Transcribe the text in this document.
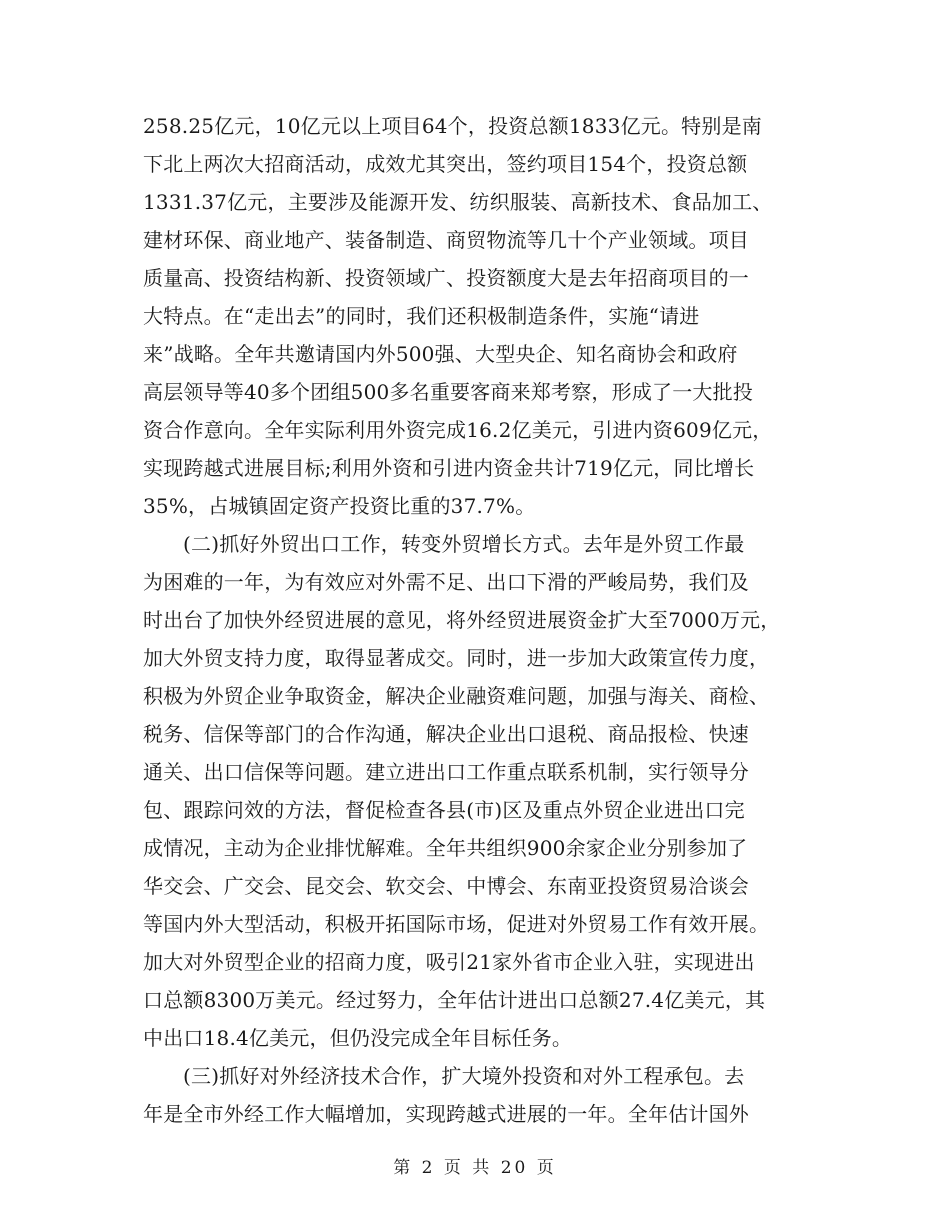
258.25亿元，10亿元以上项目64个，投资总额1833亿元。特别是南
下北上两次大招商活动，成效尤其突出，签约项目154个，投资总额
1331.37亿元，主要涉及能源开发、纺织服装、高新技术、食品加工、
建材环保、商业地产、装备制造、商贸物流等几十个产业领域。项目
质量高、投资结构新、投资领域广、投资额度大是去年招商项目的一
大特点。在“走出去”的同时，我们还积极制造条件，实施“请进
来”战略。全年共邀请国内外500强、大型央企、知名商协会和政府
高层领导等40多个团组500多名重要客商来郑考察，形成了一大批投
资合作意向。全年实际利用外资完成16.2亿美元，引进内资609亿元，
实现跨越式进展目标;利用外资和引进内资金共计719亿元，同比增长
35%，占城镇固定资产投资比重的37.7%。
(二)抓好外贸出口工作，转变外贸增长方式。去年是外贸工作最
为困难的一年，为有效应对外需不足、出口下滑的严峻局势，我们及
时出台了加快外经贸进展的意见，将外经贸进展资金扩大至7000万元，
加大外贸支持力度，取得显著成交。同时，进一步加大政策宣传力度，
积极为外贸企业争取资金，解决企业融资难问题，加强与海关、商检、
税务、信保等部门的合作沟通，解决企业出口退税、商品报检、快速
通关、出口信保等问题。建立进出口工作重点联系机制，实行领导分
包、跟踪问效的方法，督促检查各县(市)区及重点外贸企业进出口完
成情况，主动为企业排忧解难。全年共组织900余家企业分别参加了
华交会、广交会、昆交会、软交会、中博会、东南亚投资贸易洽谈会
等国内外大型活动，积极开拓国际市场，促进对外贸易工作有效开展。
加大对外贸型企业的招商力度，吸引21家外省市企业入驻，实现进出
口总额8300万美元。经过努力，全年估计进出口总额27.4亿美元，其
中出口18.4亿美元，但仍没完成全年目标任务。
(三)抓好对外经济技术合作，扩大境外投资和对外工程承包。去
年是全市外经工作大幅增加，实现跨越式进展的一年。全年估计国外
第 2 页 共 20 页
